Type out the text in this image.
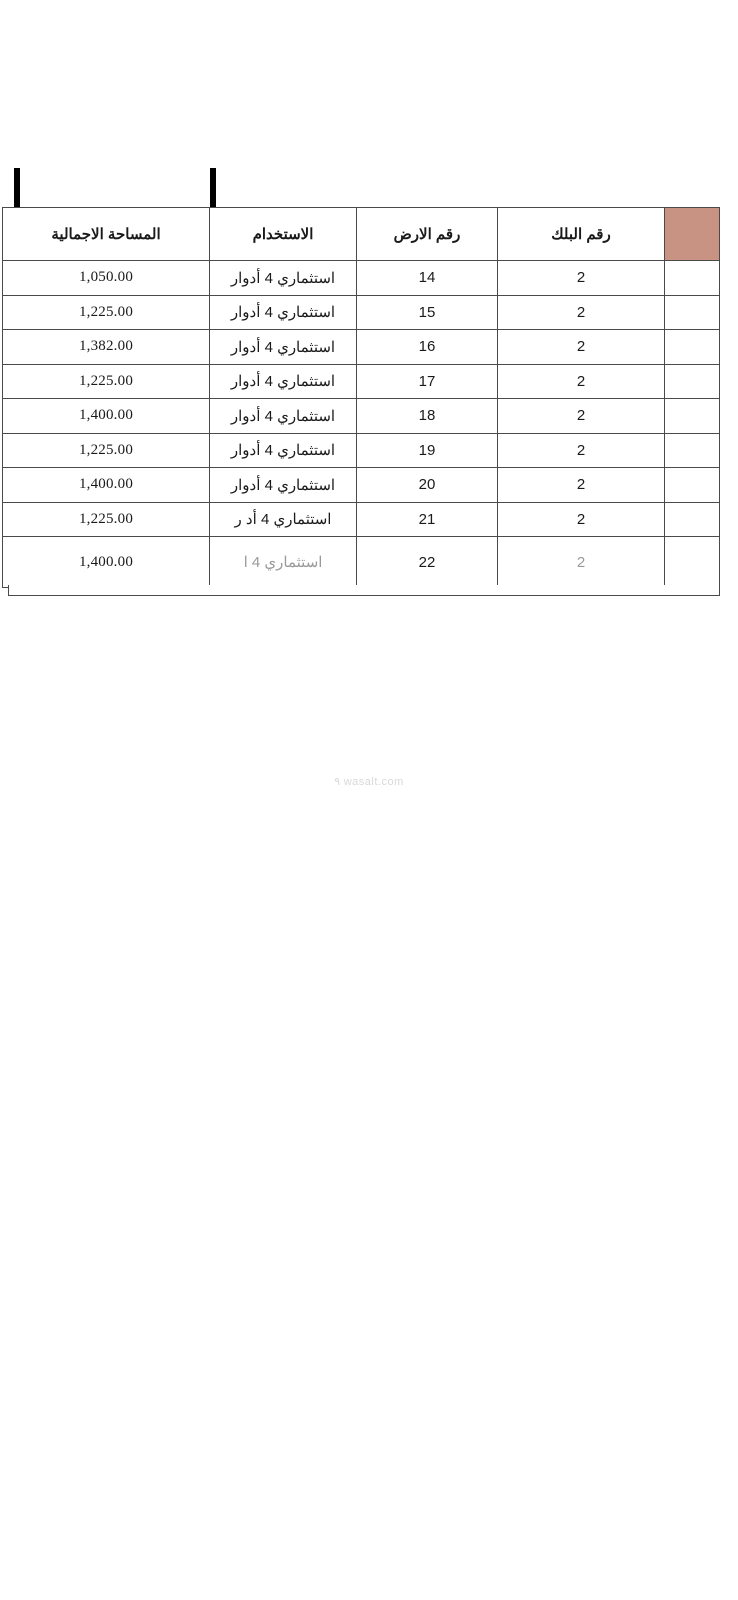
	رقم البلك	رقم الارض	الاستخدام	المساحة الاجمالية
	2	14	استثماري 4 أدوار	1,050.00
	2	15	استثماري 4 أدوار	1,225.00
	2	16	استثماري 4 أدوار	1,382.00
	2	17	استثماري 4 أدوار	1,225.00
	2	18	استثماري 4 أدوار	1,400.00
	2	19	استثماري 4 أدوار	1,225.00
	2	20	استثماري 4 أدوار	1,400.00
	2	21	استثماري 4 أد ر	1,225.00
	2	22	استثماري 4 ا	1,400.00
wasalt.com ٩
